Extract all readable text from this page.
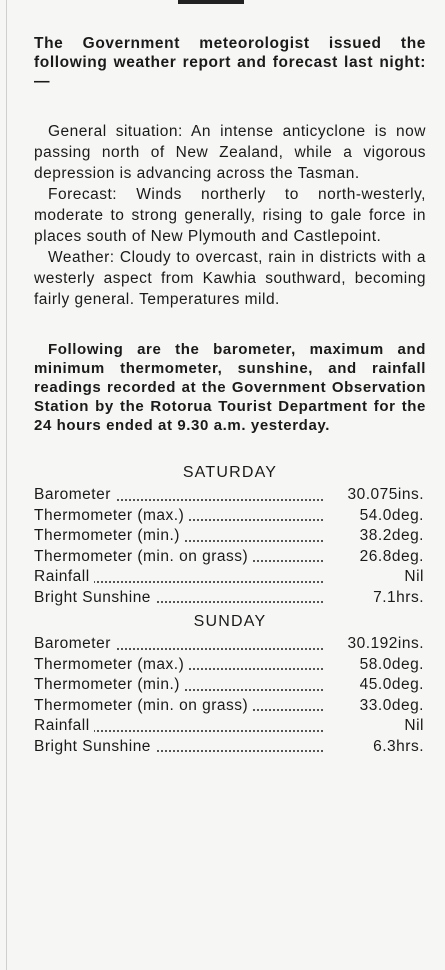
The Government meteorologist issued the following weather report and forecast last night:—

General situation: An intense anticyclone is now passing north of New Zealand, while a vigorous depression is advancing across the Tasman.

Forecast: Winds northerly to north-westerly, moderate to strong generally, rising to gale force in places south of New Plymouth and Castlepoint.

Weather: Cloudy to overcast, rain in districts with a westerly aspect from Kawhia southward, becoming fairly general. Temperatures mild.

Following are the barometer, maximum and minimum thermometer, sunshine, and rainfall readings recorded at the Government Observation Station by the Rotorua Tourist Department for the 24 hours ended at 9.30 a.m. yesterday.

SATURDAY
Barometer	30.075ins.
Thermometer (max.)	54.0deg.
Thermometer (min.)	38.2deg.
Thermometer (min. on grass)	26.8deg.
Rainfall	Nil
Bright Sunshine	7.1hrs.
SUNDAY
Barometer	30.192ins.
Thermometer (max.)	58.0deg.
Thermometer (min.)	45.0deg.
Thermometer (min. on grass)	33.0deg.
Rainfall	Nil
Bright Sunshine	6.3hrs.
